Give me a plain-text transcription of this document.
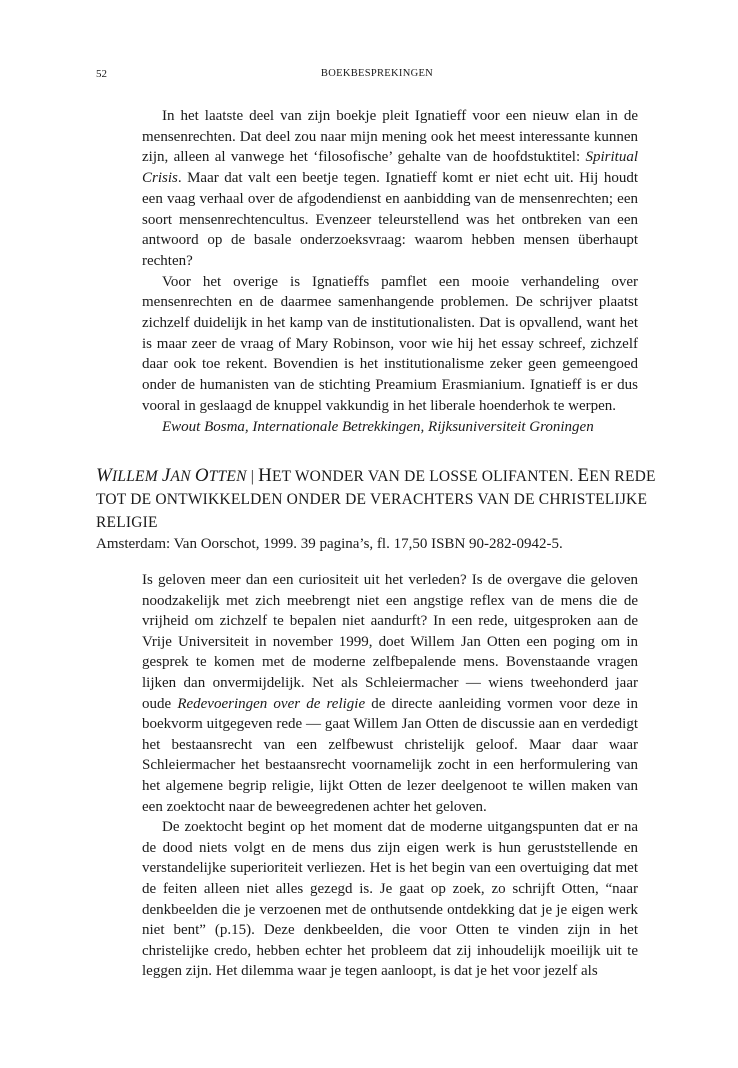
52	BOEKBESPREKINGEN

In het laatste deel van zijn boekje pleit Ignatieff voor een nieuw elan in de mensenrechten. Dat deel zou naar mijn mening ook het meest interessante kunnen zijn, alleen al vanwege het ‘filosofische’ gehalte van de hoofdstuktitel: Spiritual Crisis. Maar dat valt een beetje tegen. Ignatieff komt er niet echt uit. Hij houdt een vaag verhaal over de afgodendienst en aanbidding van de mensenrechten; een soort mensenrechtencultus. Evenzeer teleurstellend was het ontbreken van een antwoord op de basale onderzoeksvraag: waarom hebben mensen überhaupt rechten?

Voor het overige is Ignatieffs pamflet een mooie verhandeling over mensenrechten en de daarmee samenhangende problemen. De schrijver plaatst zichzelf duidelijk in het kamp van de institutionalisten. Dat is opvallend, want het is maar zeer de vraag of Mary Robinson, voor wie hij het essay schreef, zichzelf daar ook toe rekent. Bovendien is het institutionalisme zeker geen gemeengoed onder de humanisten van de stichting Preamium Erasmianium. Ignatieff is er dus vooral in geslaagd de knuppel vakkundig in het liberale hoenderhok te werpen.

Ewout Bosma, Internationale Betrekkingen, Rijksuniversiteit Groningen

WILLEM JAN OTTEN | HET WONDER VAN DE LOSSE OLIFANTEN. EEN REDE TOT DE ONTWIKKELDEN ONDER DE VERACHTERS VAN DE CHRISTELIJKE RELIGIE

Amsterdam: Van Oorschot, 1999. 39 pagina’s, fl. 17,50 ISBN 90-282-0942-5.

Is geloven meer dan een curiositeit uit het verleden? Is de overgave die geloven noodzakelijk met zich meebrengt niet een angstige reflex van de mens die de vrijheid om zichzelf te bepalen niet aandurft? In een rede, uitgesproken aan de Vrije Universiteit in november 1999, doet Willem Jan Otten een poging om in gesprek te komen met de moderne zelfbepalende mens. Bovenstaande vragen lijken dan onvermijdelijk. Net als Schleiermacher — wiens tweehonderd jaar oude Redevoeringen over de religie de directe aanleiding vormen voor deze in boekvorm uitgegeven rede — gaat Willem Jan Otten de discussie aan en verdedigt het bestaansrecht van een zelfbewust christelijk geloof. Maar daar waar Schleiermacher het bestaansrecht voornamelijk zocht in een herformulering van het algemene begrip religie, lijkt Otten de lezer deelgenoot te willen maken van een zoektocht naar de beweegredenen achter het geloven.

De zoektocht begint op het moment dat de moderne uitgangspunten dat er na de dood niets volgt en de mens dus zijn eigen werk is hun geruststellende en verstandelijke superioriteit verliezen. Het is het begin van een overtuiging dat met de feiten alleen niet alles gezegd is. Je gaat op zoek, zo schrijft Otten, “naar denkbeelden die je verzoenen met de onthutsende ontdekking dat je je eigen werk niet bent” (p.15). Deze denkbeelden, die voor Otten te vinden zijn in het christelijke credo, hebben echter het probleem dat zij inhoudelijk moeilijk uit te leggen zijn. Het dilemma waar je tegen aanloopt, is dat je het voor jezelf als
